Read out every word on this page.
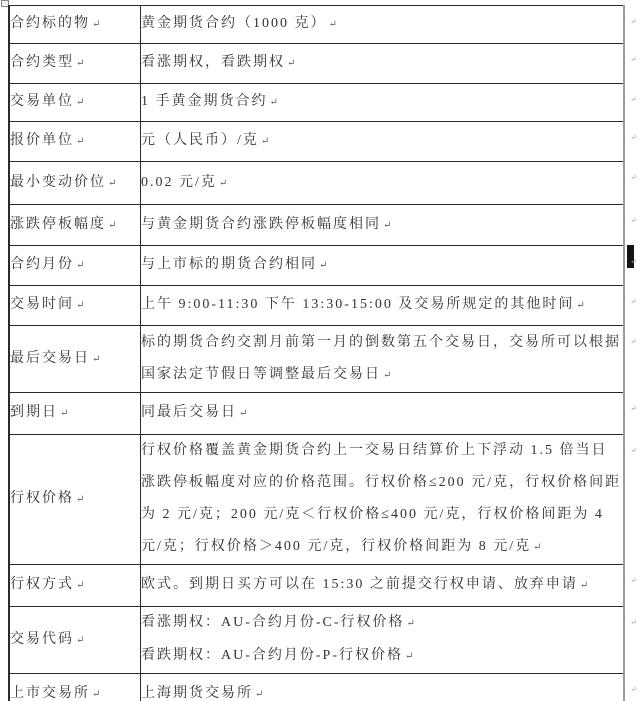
合约标的物 ↵	黄金期货合约（1000 克） ↵
合约类型 ↵	看涨期权，看跌期权 ↵
交易单位 ↵	1 手黄金期货合约 ↵
报价单位 ↵	元（人民币）/克 ↵
最小变动价位 ↵	0.02 元/克 ↵
涨跌停板幅度 ↵	与黄金期货合约涨跌停板幅度相同 ↵
合约月份 ↵	与上市标的期货合约相同 ↵
交易时间 ↵	上午 9:00-11:30 下午 13:30-15:00 及交易所规定的其他时间 ↵
最后交易日 ↵	标的期货合约交割月前第一月的倒数第五个交易日，交易所可以根据国家法定节假日等调整最后交易日 ↵
到期日 ↵	同最后交易日 ↵
行权价格 ↵	行权价格覆盖黄金期货合约上一交易日结算价上下浮动 1.5 倍当日涨跌停板幅度对应的价格范围。行权价格≤200 元/克，行权价格间距为 2 元/克；200 元/克＜行权价格≤400 元/克，行权价格间距为 4 元/克；行权价格＞400 元/克，行权价格间距为 8 元/克 ↵
行权方式 ↵	欧式。到期日买方可以在 15:30 之前提交行权申请、放弃申请 ↵
交易代码 ↵	看涨期权：AU-合约月份-C-行权价格 ↵
看跌期权：AU-合约月份-P-行权价格 ↵

上市交易所 ↵	上海期货交易所 ↵
↵
↵
↵
↵
↵
↵
↵
↵
↵
↵
↵
↵
↵
↵
